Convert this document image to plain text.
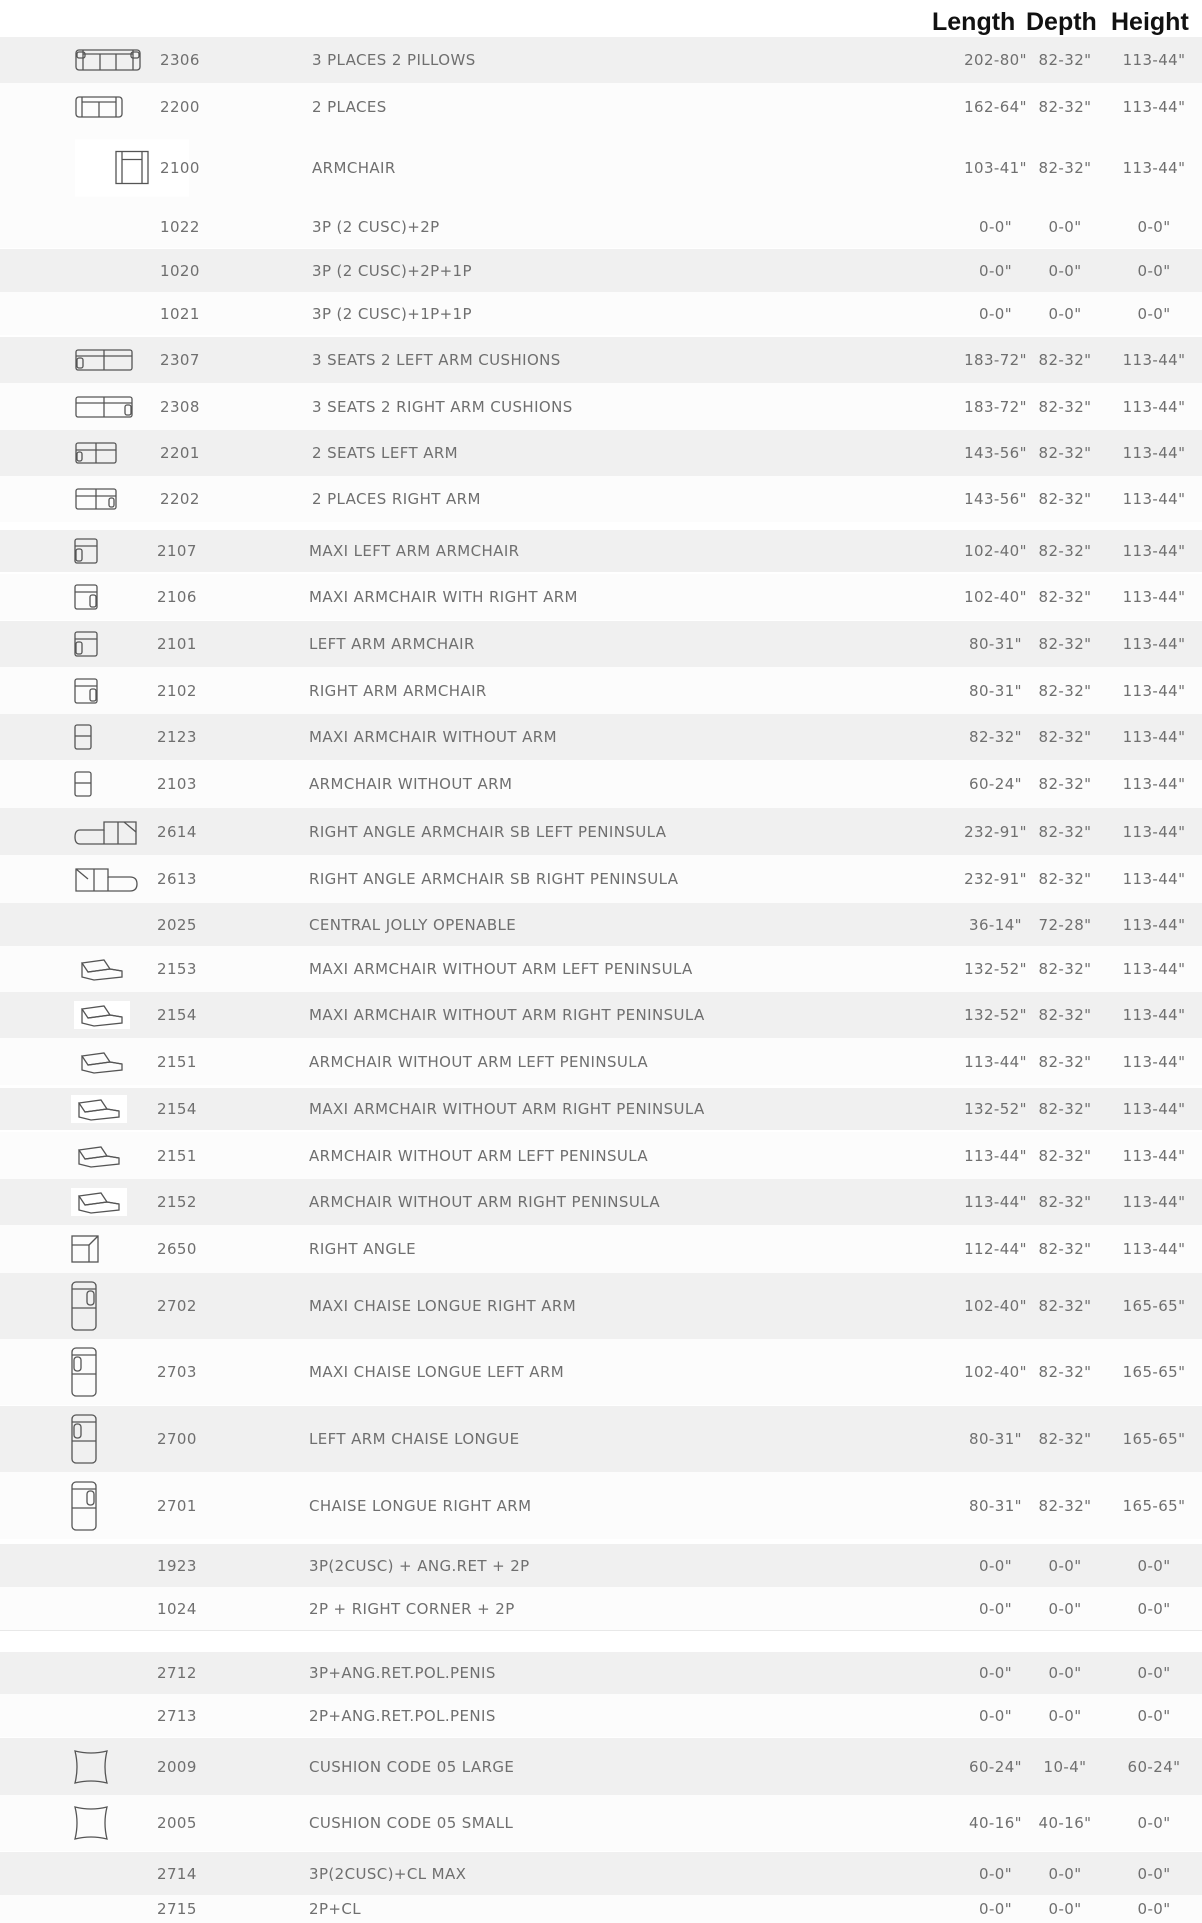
Length Depth Height
2306	3 PLACES 2 PILLOWS	202-80" 82-32" 113-44"
2200	2 PLACES	162-64" 82-32" 113-44"
2100	ARMCHAIR	103-41" 82-32" 113-44"
1022	3P (2 CUSC)+2P	0-0"	0-0"	0-0"
1020	3P (2 CUSC)+2P+1P	0-0"	0-0"	0-0"
1021	3P (2 CUSC)+1P+1P	0-0"	0-0"	0-0"
2307	3 SEATS 2 LEFT ARM CUSHIONS	183-72" 82-32" 113-44"
2308	3 SEATS 2 RIGHT ARM CUSHIONS	183-72" 82-32" 113-44"
2201	2 SEATS LEFT ARM	143-56" 82-32" 113-44"
2202	2 PLACES RIGHT ARM	143-56" 82-32" 113-44"
2107	MAXI LEFT ARM ARMCHAIR	102-40" 82-32" 113-44"
2106	MAXI ARMCHAIR WITH RIGHT ARM	102-40" 82-32" 113-44"
2101	LEFT ARM ARMCHAIR	80-31"	82-32" 113-44"
2102	RIGHT ARM ARMCHAIR	80-31"	82-32" 113-44"
2123	MAXI ARMCHAIR WITHOUT ARM	82-32"	82-32" 113-44"
2103	ARMCHAIR WITHOUT ARM	60-24"	82-32" 113-44"
2614	RIGHT ANGLE ARMCHAIR SB LEFT PENINSULA	232-91" 82-32" 113-44"
2613	RIGHT ANGLE ARMCHAIR SB RIGHT PENINSULA	232-91" 82-32" 113-44"
2025	CENTRAL JOLLY OPENABLE	36-14"	72-28" 113-44"
2153	MAXI ARMCHAIR WITHOUT ARM LEFT PENINSULA	132-52" 82-32" 113-44"
2154	MAXI ARMCHAIR WITHOUT ARM RIGHT PENINSULA	132-52" 82-32" 113-44"
2151	ARMCHAIR WITHOUT ARM LEFT PENINSULA	113-44" 82-32" 113-44"
2154	MAXI ARMCHAIR WITHOUT ARM RIGHT PENINSULA	132-52" 82-32" 113-44"
2151	ARMCHAIR WITHOUT ARM LEFT PENINSULA	113-44" 82-32" 113-44"
2152	ARMCHAIR WITHOUT ARM RIGHT PENINSULA	113-44" 82-32" 113-44"
2650	RIGHT ANGLE	112-44" 82-32" 113-44"
2702	MAXI CHAISE LONGUE RIGHT ARM	102-40" 82-32" 165-65"
2703	MAXI CHAISE LONGUE LEFT ARM	102-40" 82-32" 165-65"
2700	LEFT ARM CHAISE LONGUE	80-31"	82-32" 165-65"
2701	CHAISE LONGUE RIGHT ARM	80-31"	82-32" 165-65"
1923	3P(2CUSC) + ANG.RET + 2P	0-0"	0-0"	0-0"
1024	2P + RIGHT CORNER + 2P	0-0"	0-0"	0-0"
2712	3P+ANG.RET.POL.PENIS	0-0"	0-0"	0-0"
2713	2P+ANG.RET.POL.PENIS	0-0"	0-0"	0-0"
2009	CUSHION CODE 05 LARGE	60-24"	10-4"	60-24"
2005	CUSHION CODE 05 SMALL	40-16"	40-16"	0-0"
2714	3P(2CUSC)+CL MAX	0-0"	0-0"	0-0"
2715	2P+CL	0-0"	0-0"	0-0"
